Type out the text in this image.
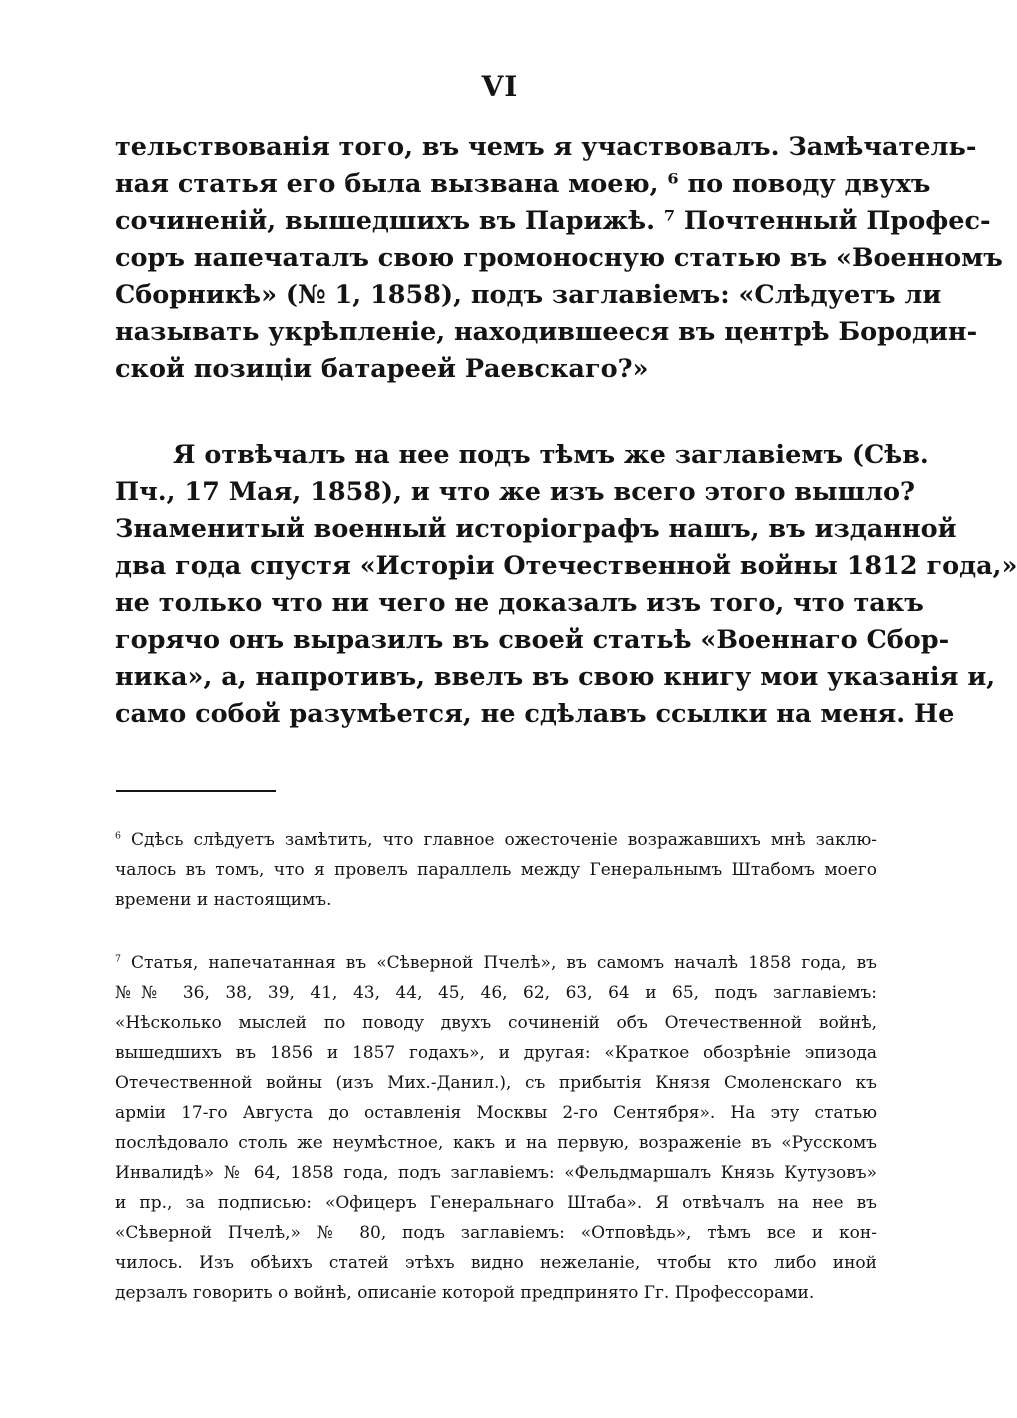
VI
тельствованія того, въ чемъ я участвовалъ. Замѣчатель-
ная статья его была вызвана моею, ⁶ по поводу двухъ
сочиненій, вышедшихъ въ Парижѣ. ⁷ Почтенный Профес-
соръ напечаталъ свою громоносную статью въ «Военномъ
Сборникѣ» (№ 1, 1858), подъ заглавіемъ: «Слѣдуетъ ли
называть укрѣпленіе, находившееся въ центрѣ Бородин-
ской позиціи батареей Раевскаго?»
Я отвѣчалъ на нее подъ тѣмъ же заглавіемъ (Сѣв.
Пч., 17 Мая, 1858), и что же изъ всего этого вышло?
Знаменитый военный исторіографъ нашъ, въ изданной
два года спустя «Исторіи Отечественной войны 1812 года,»
не только что ни чего не доказалъ изъ того, что такъ
горячо онъ выразилъ въ своей статьѣ «Военнаго Сбор-
ника», а, напротивъ, ввелъ въ свою книгу мои указанія и,
само собой разумѣется, не сдѣлавъ ссылки на меня. Не
$^6$ Сдѣсь слѣдуетъ замѣтить, что главное ожесточеніе возражавшихъ мнѣ заклю-
чалось въ томъ, что я провелъ параллель между Генеральнымъ Штабомъ моего
времени и настоящимъ.
$^7$ Статья, напечатанная въ «Сѣверной Пчелѣ», въ самомъ началѣ 1858 года, въ
№№ 36, 38, 39, 41, 43, 44, 45, 46, 62, 63, 64 и 65, подъ заглавіемъ:
«Нѣсколько мыслей по поводу двухъ сочиненій объ Отечественной войнѣ,
вышедшихъ въ 1856 и 1857 годахъ», и другая: «Краткое обозрѣніе эпизода
Отечественной войны (изъ Мих.-Данил.), съ прибытія Князя Смоленскаго къ
арміи 17-го Августа до оставленія Москвы 2-го Сентября». На эту статью
послѣдовало столь же неумѣстное, какъ и на первую, возраженіе въ «Русскомъ
Инвалидѣ» № 64, 1858 года, подъ заглавіемъ: «Фельдмаршалъ Князь Кутузовъ»
и пр., за подписью: «Офицеръ Генеральнаго Штаба». Я отвѣчалъ на нее въ
«Сѣверной Пчелѣ,» № 80, подъ заглавіемъ: «Отповѣдь», тѣмъ все и кон-
чилось. Изъ обѣихъ статей этѣхъ видно нежеланіе, чтобы кто либо иной
дерзалъ говорить о войнѣ, описаніе которой предпринято Гг. Профессорами.
